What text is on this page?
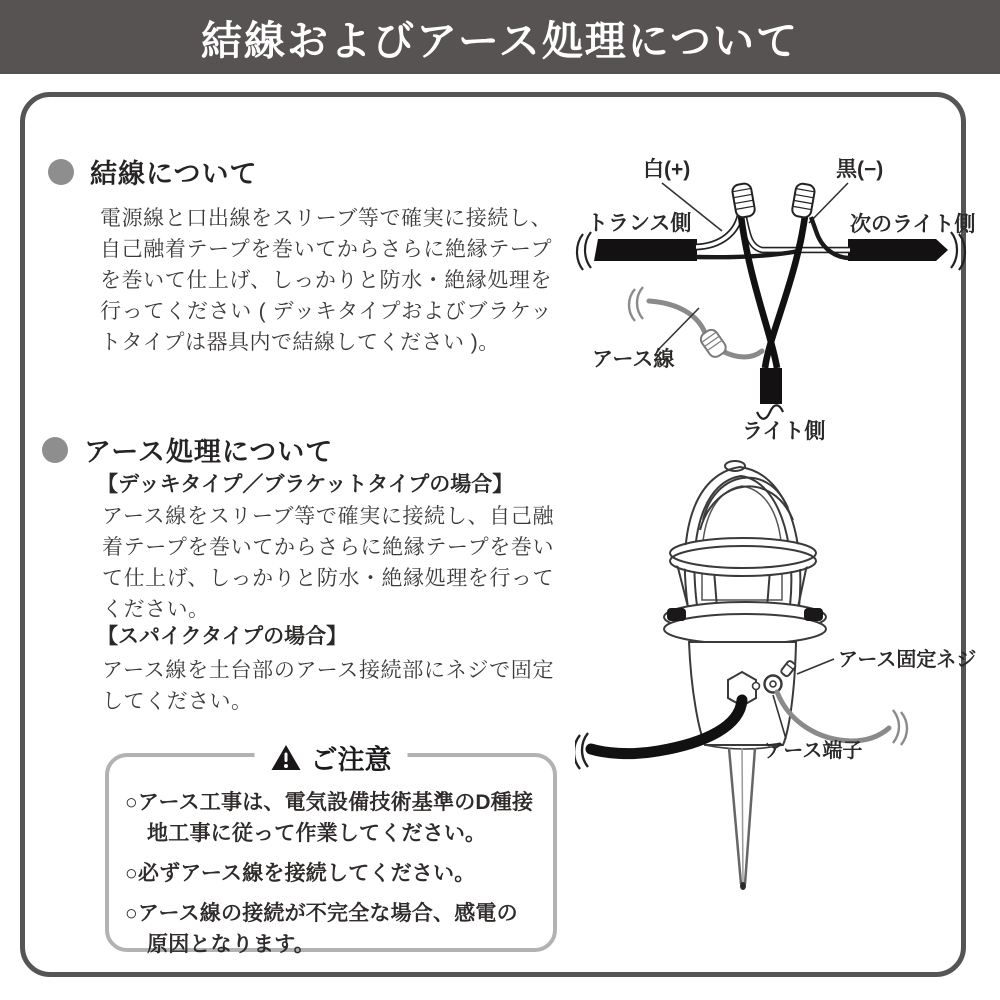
結線およびアース処理について
結線について

電源線と口出線をスリーブ等で確実に接続し、自己融着テープを巻いてからさらに絶縁テープを巻いて仕上げ、しっかりと防水・絶縁処理を行ってください ( デッキタイプおよびブラケットタイプは器具内で結線してください )。

アース処理について
【デッキタイプ／ブラケットタイプの場合】

アース線をスリーブ等で確実に接続し、自己融着テープを巻いてからさらに絶縁テープを巻いて仕上げ、しっかりと防水・絶縁処理を行ってください。

【スパイクタイプの場合】

アース線を土台部のアース接続部にネジで固定してください。

ご注意
○アース工事は、電気設備技術基準のD種接地工事に従って作業してください。
○必ずアース線を接続してください。
○アース線の接続が不完全な場合、感電の原因となります。
白(+)	黒(−)
トランス側	次のライト側
アース線
ライト側
アース固定ネジ
アース端子
